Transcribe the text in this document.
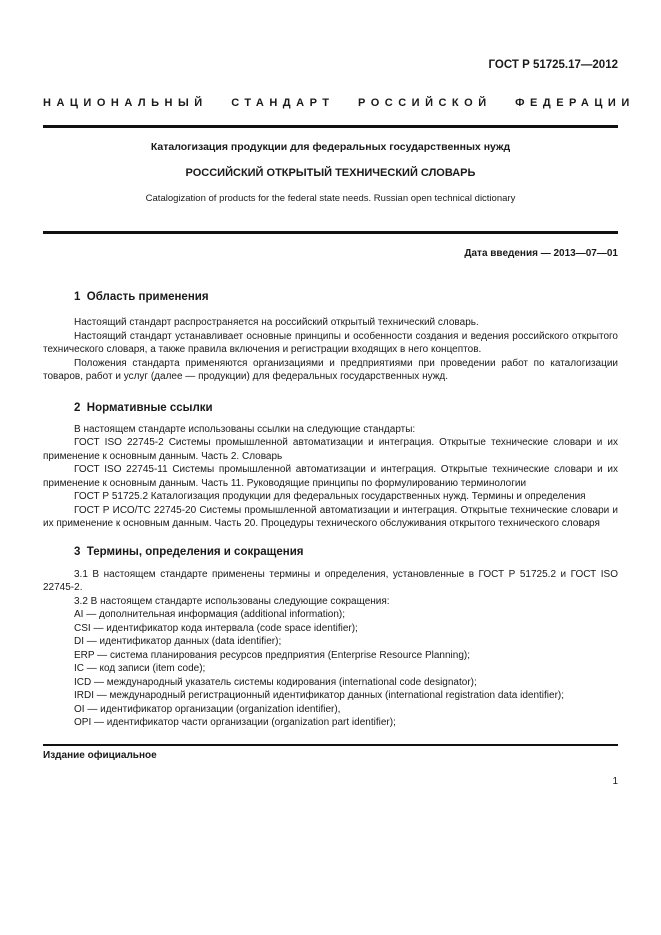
ГОСТ Р 51725.17—2012
НАЦИОНАЛЬНЫЙ СТАНДАРТ РОССИЙСКОЙ ФЕДЕРАЦИИ
Каталогизация продукции для федеральных государственных нужд
РОССИЙСКИЙ ОТКРЫТЫЙ ТЕХНИЧЕСКИЙ СЛОВАРЬ
Catalogization of products for the federal state needs. Russian open technical dictionary
Дата введения — 2013—07—01
1  Область применения

Настоящий стандарт распространяется на российский открытый технический словарь.

Настоящий стандарт устанавливает основные принципы и особенности создания и ведения российского открытого технического словаря, а также правила включения и регистрации входящих в него концептов.

Положения стандарта применяются организациями и предприятиями при проведении работ по каталогизации товаров, работ и услуг (далее — продукции) для федеральных государственных нужд.

2  Нормативные ссылки

В настоящем стандарте использованы ссылки на следующие стандарты:

ГОСТ ISO 22745-2 Системы промышленной автоматизации и интеграция. Открытые технические словари и их применение к основным данным. Часть 2. Словарь

ГОСТ ISO 22745-11 Системы промышленной автоматизации и интеграция. Открытые технические словари и их применение к основным данным. Часть 11. Руководящие принципы по формулированию терминологии

ГОСТ Р 51725.2 Каталогизация продукции для федеральных государственных нужд. Термины и определения

ГОСТ Р ИСО/ТС 22745-20 Системы промышленной автоматизации и интеграция. Открытые технические словари и их применение к основным данным. Часть 20. Процедуры технического обслуживания открытого технического словаря

3  Термины, определения и сокращения

3.1 В настоящем стандарте применены термины и определения, установленные в ГОСТ Р 51725.2 и ГОСТ ISO 22745-2.

3.2 В настоящем стандарте использованы следующие сокращения:

AI — дополнительная информация (additional information);

CSI — идентификатор кода интервала (code space identifier);

DI — идентификатор данных (data identifier);

ERP — система планирования ресурсов предприятия (Enterprise Resource Planning);

IC — код записи (item code);

ICD — международный указатель системы кодирования (international code designator);

IRDI — международный регистрационный идентификатор данных (international registration data identifier);

OI — идентификатор организации (organization identifier),

OPI — идентификатор части организации (organization part identifier);

Издание официальное
1
